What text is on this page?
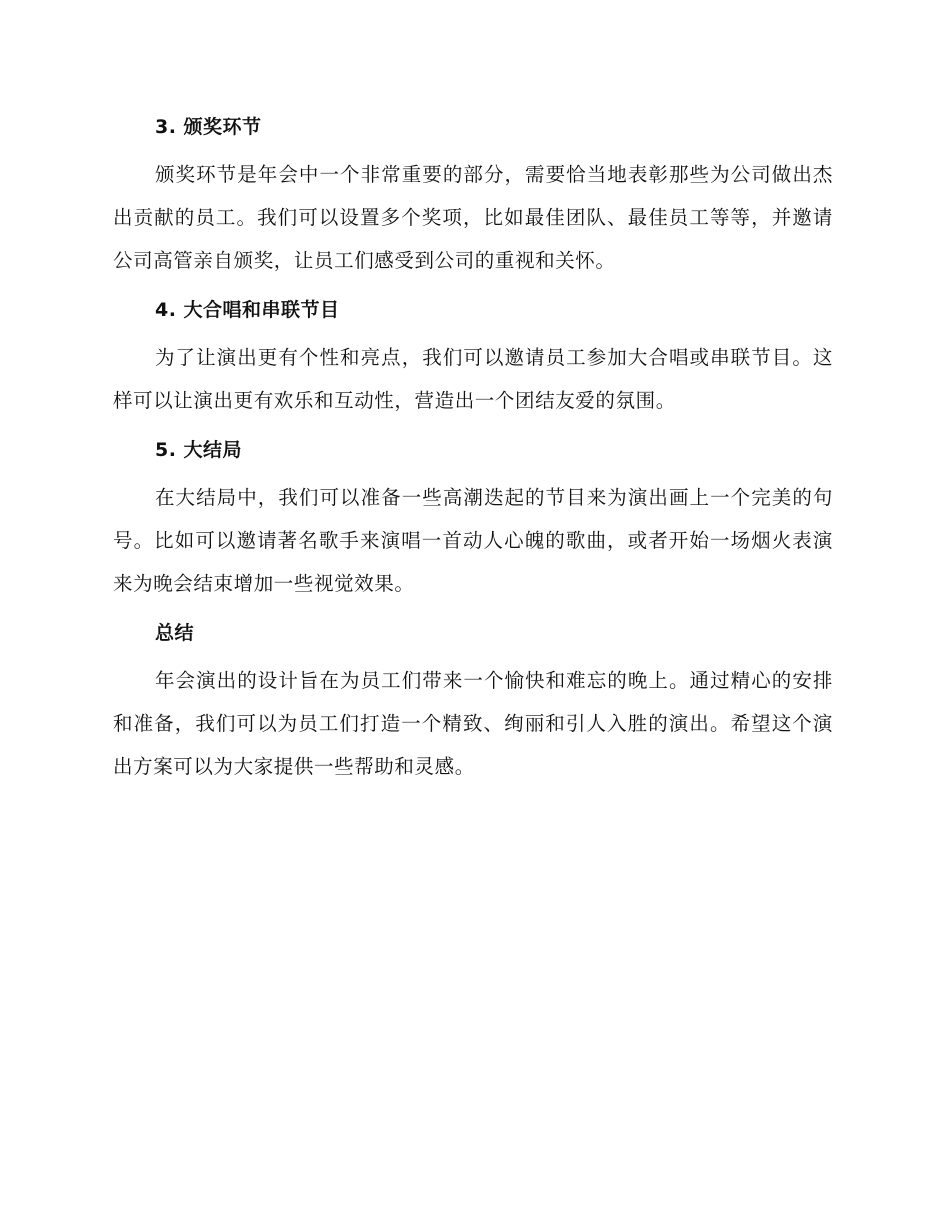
3. 颁奖环节

颁奖环节是年会中一个非常重要的部分，需要恰当地表彰那些为公司做出杰出贡献的员工。我们可以设置多个奖项，比如最佳团队、最佳员工等等，并邀请公司高管亲自颁奖，让员工们感受到公司的重视和关怀。

4. 大合唱和串联节目

为了让演出更有个性和亮点，我们可以邀请员工参加大合唱或串联节目。这样可以让演出更有欢乐和互动性，营造出一个团结友爱的氛围。

5. 大结局

在大结局中，我们可以准备一些高潮迭起的节目来为演出画上一个完美的句号。比如可以邀请著名歌手来演唱一首动人心魄的歌曲，或者开始一场烟火表演来为晚会结束增加一些视觉效果。

总结

年会演出的设计旨在为员工们带来一个愉快和难忘的晚上。通过精心的安排和准备，我们可以为员工们打造一个精致、绚丽和引人入胜的演出。希望这个演出方案可以为大家提供一些帮助和灵感。
